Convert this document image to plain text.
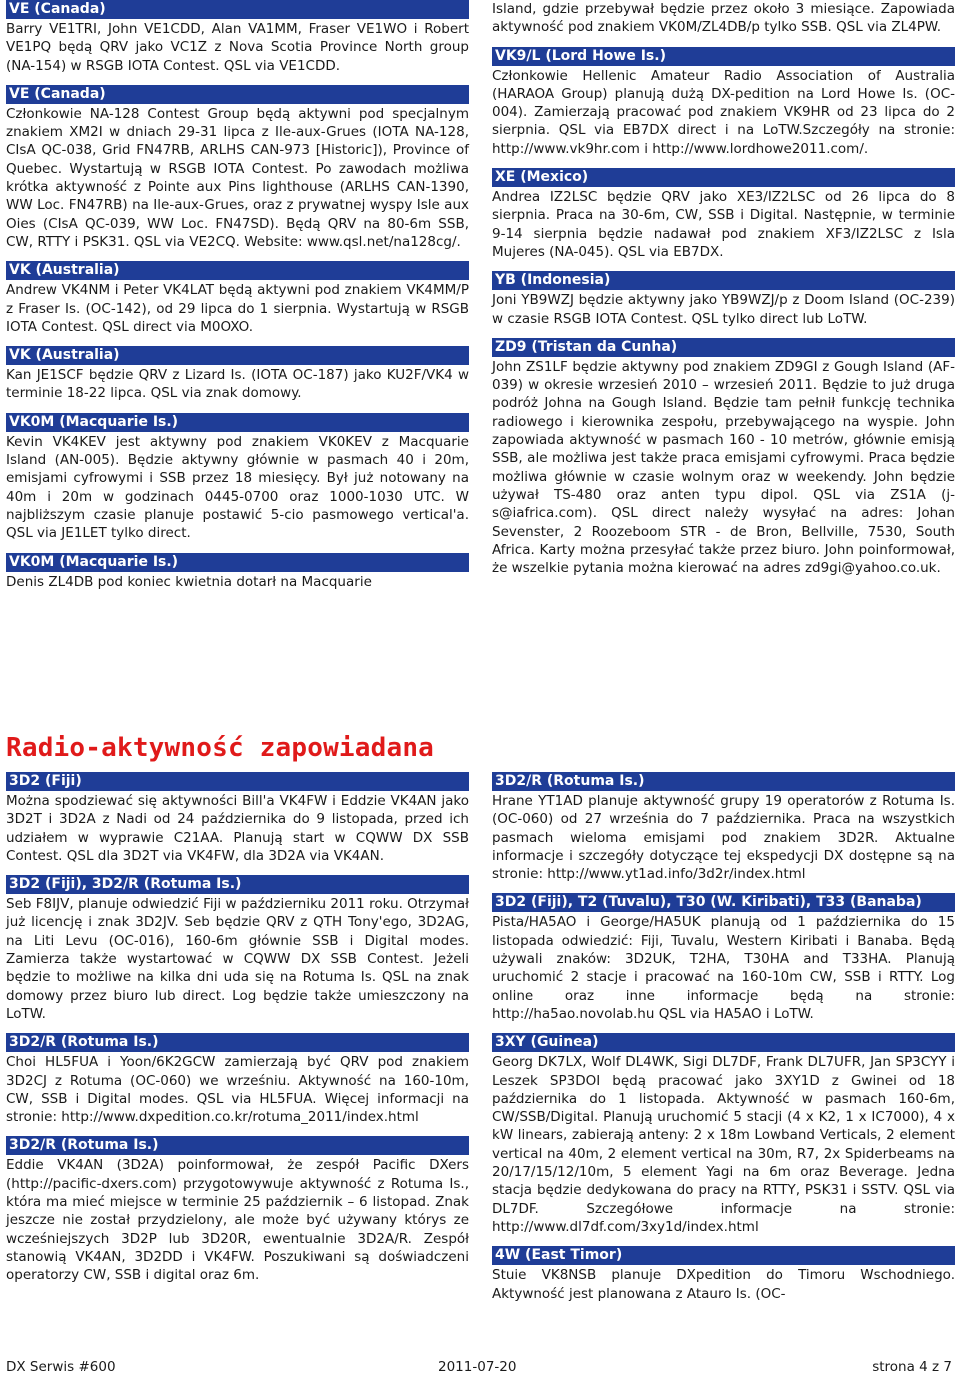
VE (Canada)
Barry VE1TRI, John VE1CDD, Alan VA1MM, Fraser VE1WO i Robert VE1PQ będą QRV jako VC1Z z Nova Scotia Province North group (NA-154) w RSGB IOTA Contest. QSL via VE1CDD.
VE (Canada)
Członkowie NA-128 Contest Group będą aktywni pod specjalnym znakiem XM2I w dniach 29-31 lipca z Ile-aux-Grues (IOTA NA-128, CIsA QC-038, Grid FN47RB, ARLHS CAN-973 [Historic]), Province of Quebec. Wystartują w RSGB IOTA Contest. Po zawodach możliwa krótka aktywność z Pointe aux Pins lighthouse (ARLHS CAN-1390, WW Loc. FN47RB) na Ile-aux-Grues, oraz z prywatnej wyspy Isle aux Oies (CIsA QC-039, WW Loc. FN47SD). Będą QRV na 80-6m SSB, CW, RTTY i PSK31. QSL via VE2CQ. Website: www.qsl.net/na128cg/.
VK (Australia)
Andrew VK4NM i Peter VK4LAT będą aktywni pod znakiem VK4MM/P z Fraser Is. (OC-142), od 29 lipca do 1 sierpnia. Wystartują w RSGB IOTA Contest. QSL direct via M0OXO.
VK (Australia)
Kan JE1SCF będzie QRV z Lizard Is. (IOTA OC-187) jako KU2F/VK4 w terminie 18-22 lipca. QSL via znak domowy.
VK0M (Macquarie Is.)
Kevin VK4KEV jest aktywny pod znakiem VK0KEV z Macquarie Island (AN-005). Będzie aktywny głównie w pasmach 40 i 20m, emisjami cyfrowymi i SSB przez 18 miesięcy. Był już notowany na 40m i 20m w godzinach 0445-0700 oraz 1000-1030 UTC. W najbliższym czasie planuje postawić 5-cio pasmowego vertical'a. QSL via JE1LET tylko direct.
VK0M (Macquarie Is.)
Denis ZL4DB pod koniec kwietnia dotarł na Macquarie
Island, gdzie przebywał będzie przez około 3 miesiące. Zapowiada aktywność pod znakiem VK0M/ZL4DB/p tylko SSB. QSL via ZL4PW.
VK9/L (Lord Howe Is.)
Członkowie Hellenic Amateur Radio Association of Australia (HARAOA Group) planują dużą DX-pedition na Lord Howe Is. (OC-004). Zamierzają pracować pod znakiem VK9HR od 23 lipca do 2 sierpnia. QSL via EB7DX direct i na LoTW.Szczegóły na stronie: http://www.vk9hr.com i http://www.lordhowe2011.com/.
XE (Mexico)
Andrea IZ2LSC będzie QRV jako XE3/IZ2LSC od 26 lipca do 8 sierpnia. Praca na 30-6m, CW, SSB i Digital. Następnie, w terminie 9-14 sierpnia będzie nadawał pod znakiem XF3/IZ2LSC z Isla Mujeres (NA-045). QSL via EB7DX.
YB (Indonesia)
Joni YB9WZJ będzie aktywny jako YB9WZJ/p z Doom Island (OC-239) w czasie RSGB IOTA Contest. QSL tylko direct lub LoTW.
ZD9 (Tristan da Cunha)
John ZS1LF będzie aktywny pod znakiem ZD9GI z Gough Island (AF-039) w okresie wrzesień 2010 – wrzesień 2011. Będzie to już druga podróż Johna na Gough Island. Będzie tam pełnił funkcję technika radiowego i kierownika zespołu, przebywającego na wyspie. John zapowiada aktywność w pasmach 160 - 10 metrów, głównie emisją SSB, ale możliwa jest także praca emisjami cyfrowymi. Praca będzie możliwa głównie w czasie wolnym oraz w weekendy. John będzie używał TS-480 oraz anten typu dipol. QSL via ZS1A (j-s@iafrica.com). QSL direct należy wysyłać na adres: Johan Sevenster, 2 Roozeboom STR - de Bron, Bellville, 7530, South Africa. Karty można przesyłać także przez biuro. John poinformował, że wszelkie pytania można kierować na adres zd9gi@yahoo.co.uk.
Radio-aktywność zapowiadana
3D2 (Fiji)
Można spodziewać się aktywności Bill'a VK4FW i Eddzie VK4AN jako 3D2T i 3D2A z Nadi od 24 października do 9 listopada, przed ich udziałem w wyprawie C21AA. Planują start w CQWW DX SSB Contest. QSL dla 3D2T via VK4FW, dla 3D2A via VK4AN.
3D2 (Fiji), 3D2/R (Rotuma Is.)
Seb F8IJV, planuje odwiedzić Fiji w październiku 2011 roku. Otrzymał już licencję i znak 3D2JV. Seb będzie QRV z QTH Tony'ego, 3D2AG, na Liti Levu (OC-016), 160-6m głównie SSB i Digital modes. Zamierza także wystartować w CQWW DX SSB Contest. Jeżeli będzie to możliwe na kilka dni uda się na Rotuma Is. QSL na znak domowy przez biuro lub direct. Log będzie także umieszczony na LoTW.
3D2/R (Rotuma Is.)
Choi HL5FUA i Yoon/6K2GCW zamierzają być QRV pod znakiem 3D2CJ z Rotuma (OC-060) we wrześniu. Aktywność na 160-10m, CW, SSB i Digital modes. QSL via HL5FUA. Więcej informacji na stronie: http://www.dxpedition.co.kr/rotuma_2011/index.html
3D2/R (Rotuma Is.)
Eddie VK4AN (3D2A) poinformował, że zespół Pacific DXers (http://pacific-dxers.com) przygotowywuje aktywność z Rotuma Is., która ma mieć miejsce w terminie 25 październik – 6 listopad. Znak jeszcze nie został przydzielony, ale może być używany którys ze wcześniejszych 3D2P lub 3D20R, ewentualnie 3D2A/R. Zespół stanowią VK4AN, 3D2DD i VK4FW. Poszukiwani są doświadczeni operatorzy CW, SSB i digital oraz 6m.
3D2/R (Rotuma Is.)
Hrane YT1AD planuje aktywność grupy 19 operatorów z Rotuma Is. (OC-060) od 27 września do 7 października. Praca na wszystkich pasmach wieloma emisjami pod znakiem 3D2R. Aktualne informacje i szczegóły dotyczące tej ekspedycji DX dostępne są na stronie: http://www.yt1ad.info/3d2r/index.html
3D2 (Fiji), T2 (Tuvalu), T30 (W. Kiribati), T33 (Banaba)
Pista/HA5AO i George/HA5UK planują od 1 października do 15 listopada odwiedzić: Fiji, Tuvalu, Western Kiribati i Banaba. Będą używali znaków: 3D2UK, T2HA, T30HA and T33HA. Planują uruchomić 2 stacje i pracować na 160-10m CW, SSB i RTTY. Log online oraz inne informacje będą na stronie: http://ha5ao.novolab.hu QSL via HA5AO i LoTW.
3XY (Guinea)
Georg DK7LX, Wolf DL4WK, Sigi DL7DF, Frank DL7UFR, Jan SP3CYY i Leszek SP3DOI będą pracować jako 3XY1D z Gwinei od 18 października do 1 listopada. Aktywność w pasmach 160-6m, CW/SSB/Digital. Planują uruchomić 5 stacji (4 x K2, 1 x IC7000), 4 x kW linears, zabierają anteny: 2 x 18m Lowband Verticals, 2 element vertical na 40m, 2 element vertical na 30m, R7, 2x Spiderbeams na 20/17/15/12/10m, 5 element Yagi na 6m oraz Beverage. Jedna stacja będzie dedykowana do pracy na RTTY, PSK31 i SSTV. QSL via DL7DF. Szczegółowe informacje na stronie: http://www.dl7df.com/3xy1d/index.html
4W (East Timor)
Stuie VK8NSB planuje DXpedition do Timoru Wschodniego. Aktywność jest planowana z Atauro Is. (OC-
DX Serwis #600	2011-07-20	strona 4 z 7
